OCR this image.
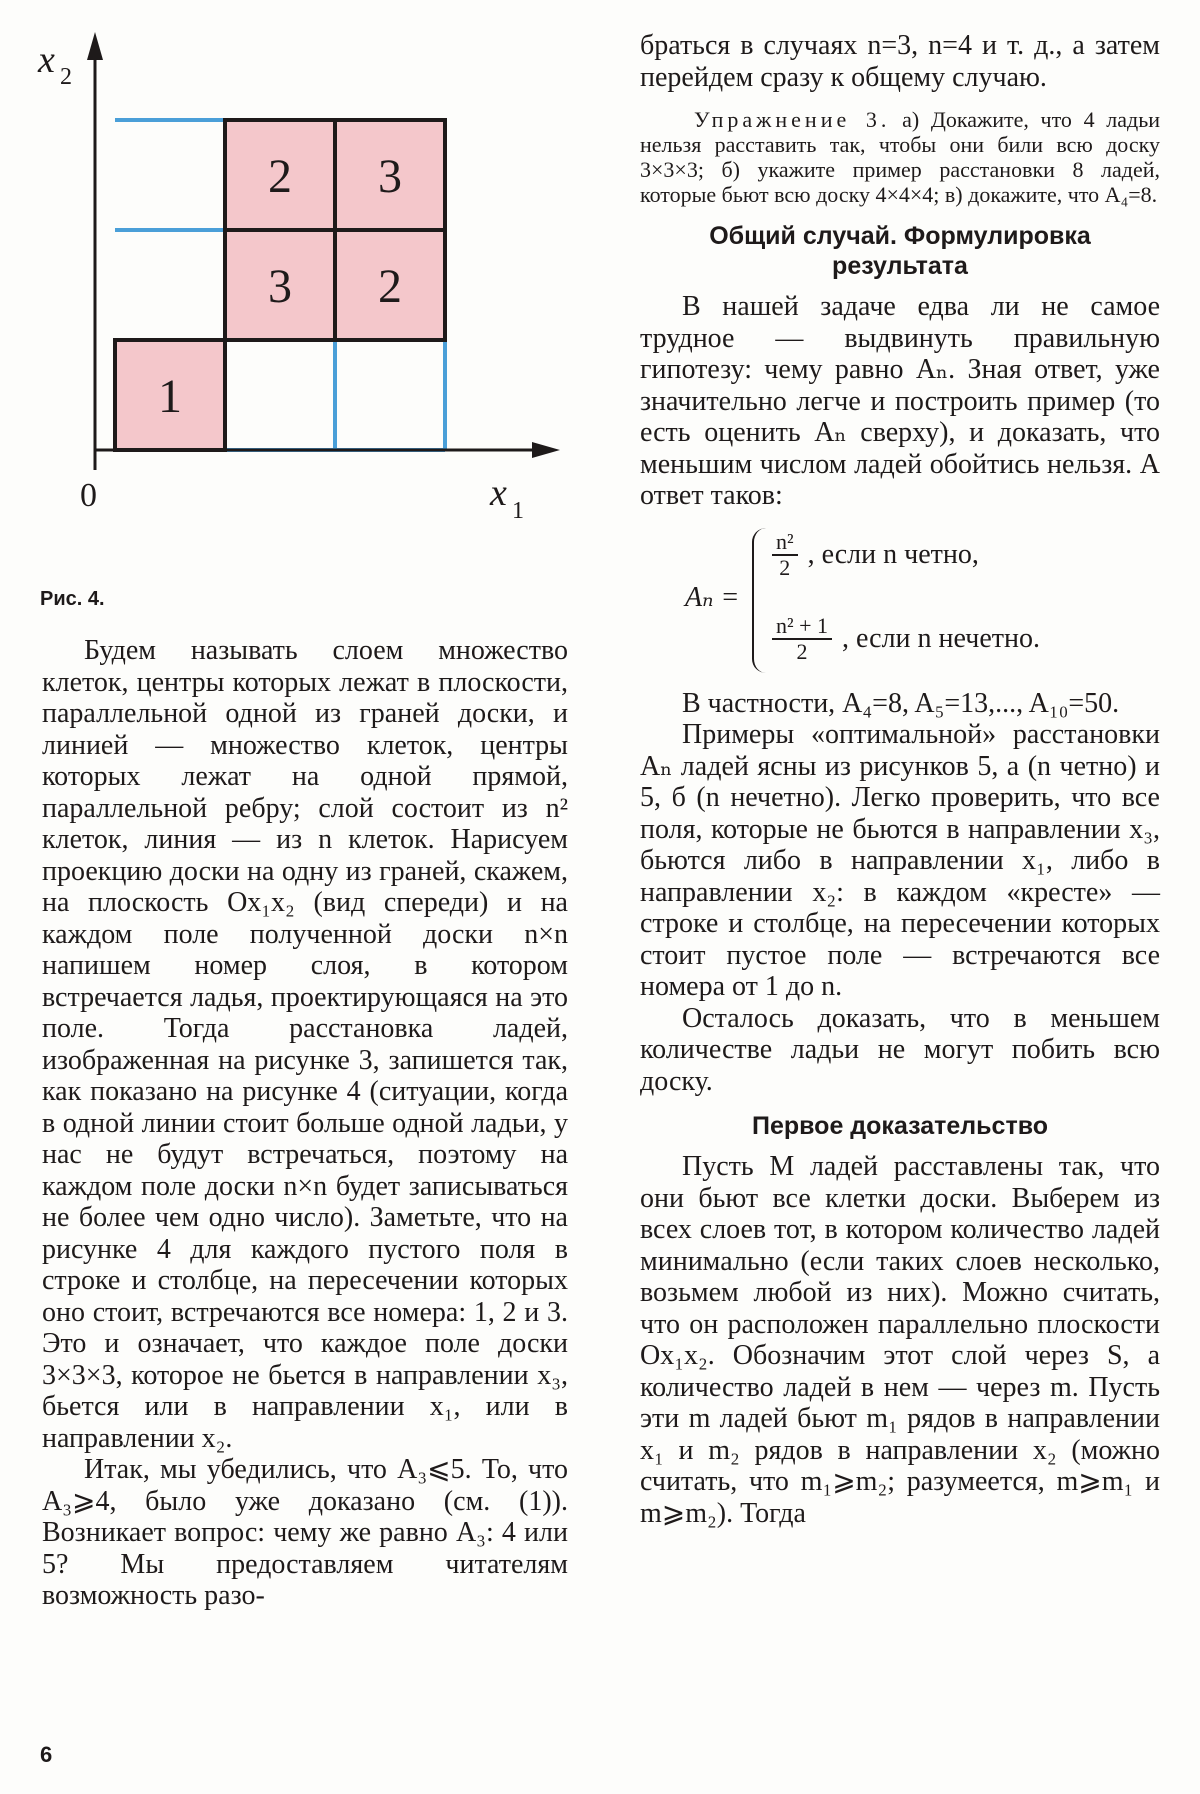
2 3
3 2
1
x 2
x 1
0
Рис. 4.

Будем называть слоем множество клеток, центры которых лежат в плоскости, параллельной одной из граней доски, и линией — множество клеток, центры которых лежат на одной прямой, параллельной ребру; слой состоит из n² клеток, линия — из n клеток. Нарисуем проекцию доски на одну из граней, скажем, на плоскость Ox₁x₂ (вид спереди) и на каждом поле полученной доски n×n напишем номер слоя, в котором встречается ладья, проектирующаяся на это поле. Тогда расстановка ладей, изображенная на рисунке 3, запишется так, как показано на рисунке 4 (ситуации, когда в одной линии стоит больше одной ладьи, у нас не будут встречаться, поэтому на каждом поле доски n×n будет записываться не более чем одно число). Заметьте, что на рисунке 4 для каждого пустого поля в строке и столбце, на пересечении которых оно стоит, встречаются все номера: 1, 2 и 3. Это и означает, что каждое поле доски 3×3×3, которое не бьется в направлении x₃, бьется или в направлении x₁, или в направлении x₂.

Итак, мы убедились, что A₃⩽5. То, что A₃⩾4, было уже доказано (см. (1)). Возникает вопрос: чему же равно A₃: 4 или 5? Мы предоставляем читателям возможность разо-

браться в случаях n=3, n=4 и т. д., а затем перейдем сразу к общему случаю.

Упражнение 3. а) Докажите, что 4 ладьи нельзя расставить так, чтобы они били всю доску 3×3×3; б) укажите пример расстановки 8 ладей, которые бьют всю доску 4×4×4; в) докажите, что A₄=8.

Общий случай. Формулировка результата

В нашей задаче едва ли не самое трудное — выдвинуть правильную гипотезу: чему равно Aₙ. Зная ответ, уже значительно легче и построить пример (то есть оценить Aₙ сверху), и доказать, что меньшим числом ладей обойтись нельзя. А ответ таков:

Aₙ =
$\frac{\text{n²}}{2}$ , если n четно,
$\frac{\text{n² + 1}}{2}$ , если n нечетно.

В частности, A₄=8, A₅=13,..., A₁₀=50.

Примеры «оптимальной» расстановки Aₙ ладей ясны из рисунков 5, а (n четно) и 5, б (n нечетно). Легко проверить, что все поля, которые не бьются в направлении x₃, бьются либо в направлении x₁, либо в направлении x₂: в каждом «кресте» — строке и столбце, на пересечении которых стоит пустое поле — встречаются все номера от 1 до n.

Осталось доказать, что в меньшем количестве ладьи не могут побить всю доску.

Первое доказательство

Пусть M ладей расставлены так, что они бьют все клетки доски. Выберем из всех слоев тот, в котором количество ладей минимально (если таких слоев несколько, возьмем любой из них). Можно считать, что он расположен параллельно плоскости Ox₁x₂. Обозначим этот слой через S, а количество ладей в нем — через m. Пусть эти m ладей бьют m₁ рядов в направлении x₁ и m₂ рядов в направлении x₂ (можно считать, что m₁⩾m₂; разумеется, m⩾m₁ и m⩾m₂). Тогда

6
